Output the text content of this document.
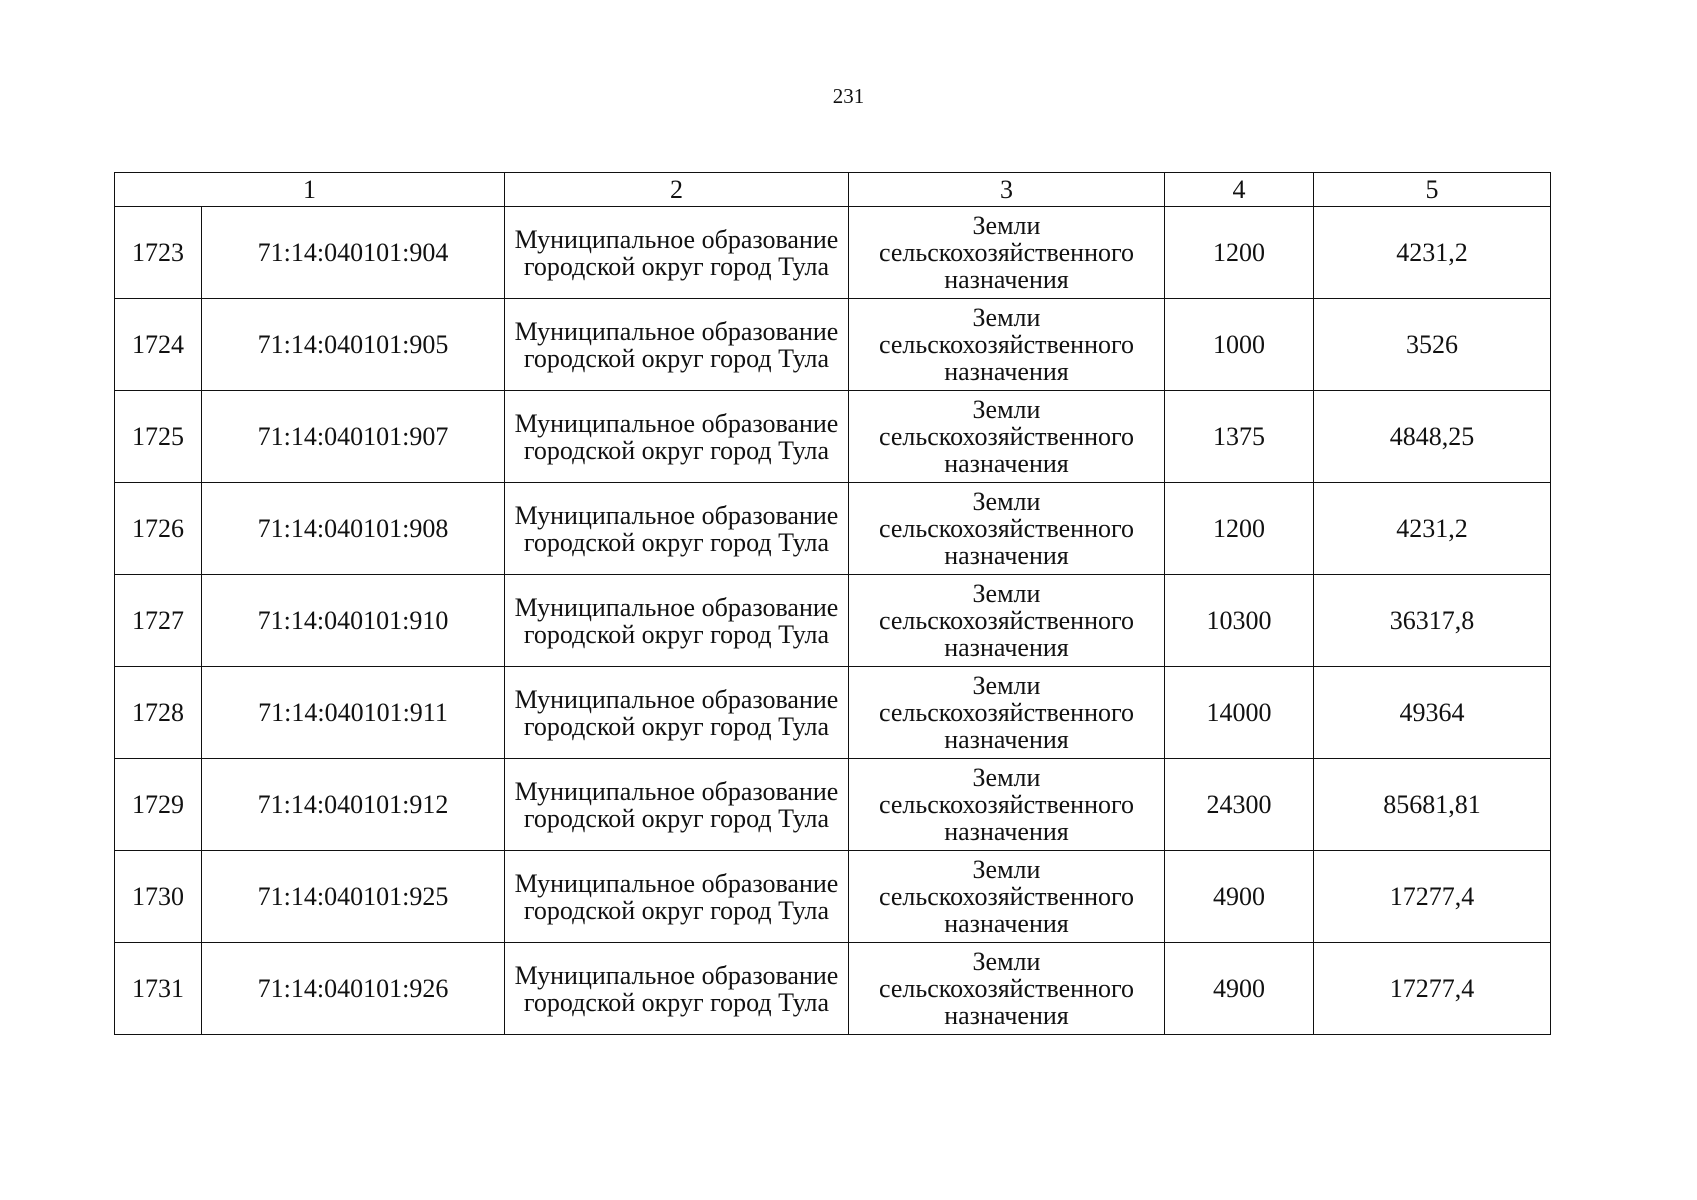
231
1		2	3	4	5
1723	71:14:040101:904	Муниципальное образование городской округ город Тула	Земли сельскохозяйственного назначения	1200	4231,2
1724	71:14:040101:905	Муниципальное образование городской округ город Тула	Земли сельскохозяйственного назначения	1000	3526
1725	71:14:040101:907	Муниципальное образование городской округ город Тула	Земли сельскохозяйственного назначения	1375	4848,25
1726	71:14:040101:908	Муниципальное образование городской округ город Тула	Земли сельскохозяйственного назначения	1200	4231,2
1727	71:14:040101:910	Муниципальное образование городской округ город Тула	Земли сельскохозяйственного назначения	10300	36317,8
1728	71:14:040101:911	Муниципальное образование городской округ город Тула	Земли сельскохозяйственного назначения	14000	49364
1729	71:14:040101:912	Муниципальное образование городской округ город Тула	Земли сельскохозяйственного назначения	24300	85681,81
1730	71:14:040101:925	Муниципальное образование городской округ город Тула	Земли сельскохозяйственного назначения	4900	17277,4
1731	71:14:040101:926	Муниципальное образование городской округ город Тула	Земли сельскохозяйственного назначения	4900	17277,4
